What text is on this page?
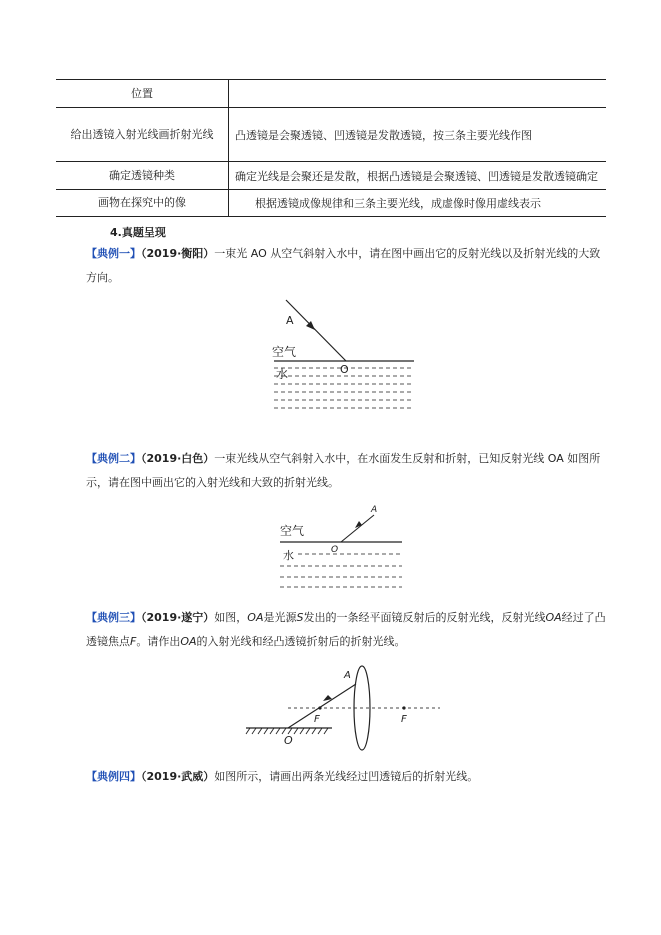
位置	
给出透镜入射光线画折射光线	凸透镜是会聚透镜、凹透镜是发散透镜，按三条主要光线作图
确定透镜种类	确定光线是会聚还是发散，根据凸透镜是会聚透镜、凹透镜是发散透镜确定
画物在探究中的像	根据透镜成像规律和三条主要光线，成虚像时像用虚线表示
4.真题呈现

【典例一】（2019·衡阳）一束光 AO 从空气斜射入水中，请在图中画出它的反射光线以及折射光线的大致方向。

A
空气
水	O

【典例二】（2019·白色）一束光线从空气斜射入水中，在水面发生反射和折射，已知反射光线 OA 如图所示，请在图中画出它的入射光线和大致的折射光线。

A
空气
水	O

【典例三】（2019·遂宁）如图，OA是光源S发出的一条经平面镜反射后的反射光线，反射光线OA经过了凸透镜焦点F。请作出OA的入射光线和经凸透镜折射后的折射光线。

A
F	F
O

【典例四】（2019·武威）如图所示，请画出两条光线经过凹透镜后的折射光线。
